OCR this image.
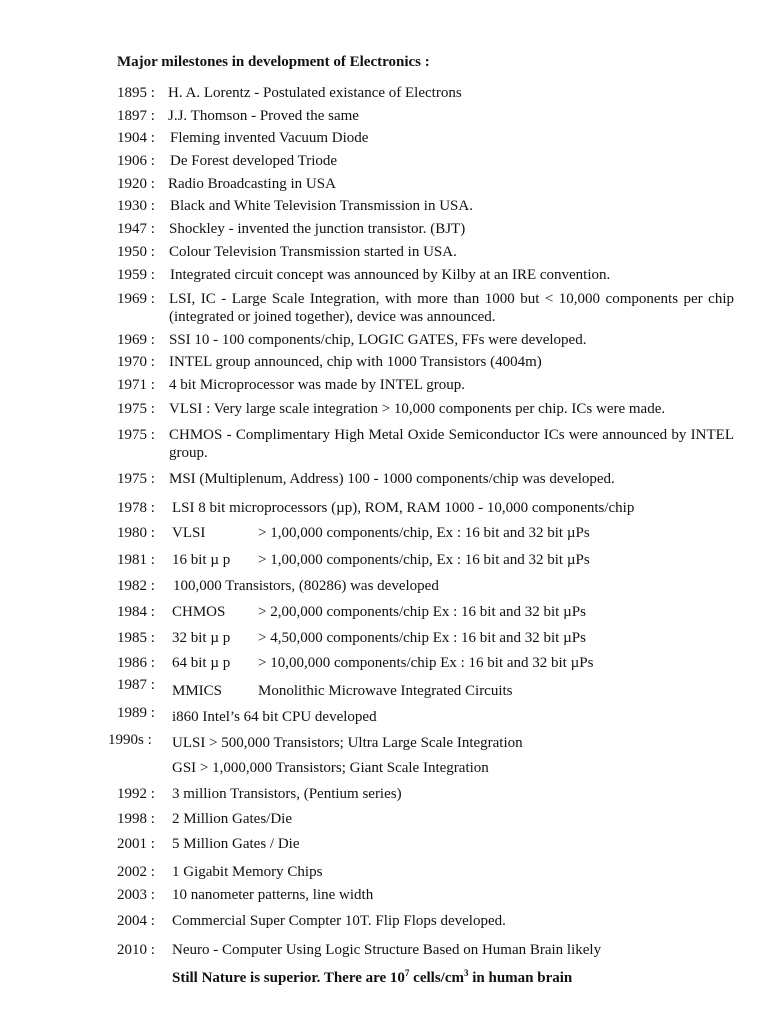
Major milestones in development of Electronics :
1895 : H. A. Lorentz - Postulated existance of Electrons
1897 : J.J. Thomson - Proved the same
1904 : Fleming invented Vacuum Diode
1906 : De Forest developed Triode
1920 : Radio Broadcasting in USA
1930 : Black and White Television Transmission in USA.
1947 : Shockley - invented the junction transistor. (BJT)
1950 : Colour Television Transmission started in USA.
1959 : Integrated circuit concept was announced by Kilby at an IRE convention.
1969 : LSI, IC - Large Scale Integration, with more than 1000 but < 10,000 components per chip (integrated or joined together), device was announced.
1969 : SSI 10 - 100 components/chip, LOGIC GATES, FFs were developed.
1970 : INTEL group announced, chip with 1000 Transistors (4004m)
1971 : 4 bit Microprocessor was made by INTEL group.
1975 : VLSI : Very large scale integration > 10,000 components per chip. ICs were made.
1975 : CHMOS - Complimentary High Metal Oxide Semiconductor ICs were announced by INTEL group.
1975 : MSI (Multiplenum, Address) 100 - 1000 components/chip was developed.
1978 : LSI 8 bit microprocessors (µp), ROM, RAM 1000 - 10,000 components/chip
1980 : VLSI	> 1,00,000 components/chip, Ex : 16 bit and 32 bit µPs
1981 : 16 bit µ p > 1,00,000 components/chip, Ex : 16 bit and 32 bit µPs
1982 : 100,000 Transistors, (80286) was developed
1984 : CHMOS > 2,00,000 components/chip Ex : 16 bit and 32 bit µPs
1985 : 32 bit µ p > 4,50,000 components/chip Ex : 16 bit and 32 bit µPs
1986 : 64 bit µ p > 10,00,000 components/chip Ex : 16 bit and 32 bit µPs
1987 : MMICS Monolithic Microwave Integrated Circuits
1989 : i860 Intel’s 64 bit CPU developed
1990s : ULSI > 500,000 Transistors; Ultra Large Scale Integration
GSI > 1,000,000 Transistors; Giant Scale Integration
1992 : 3 million Transistors, (Pentium series)
1998 : 2 Million Gates/Die
2001 : 5 Million Gates / Die
2002 : 1 Gigabit Memory Chips
2003 : 10 nanometer patterns, line width
2004 : Commercial Super Compter 10T. Flip Flops developed.
2010 : Neuro - Computer Using Logic Structure Based on Human Brain likely
Still Nature is superior. There are $10^7$ cells/$cm^3$ in human brain
